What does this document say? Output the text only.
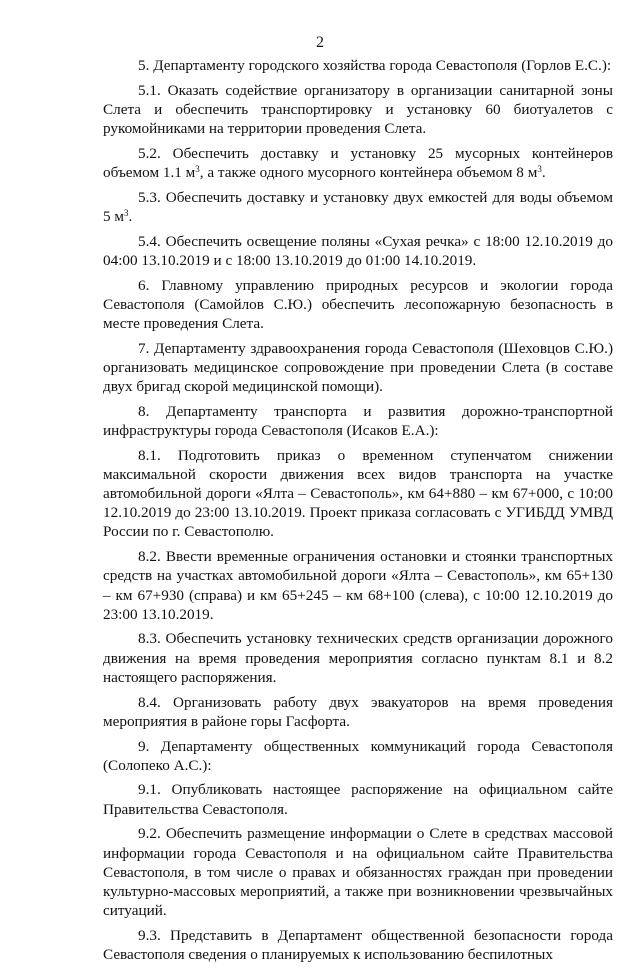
2

5. Департаменту городского хозяйства города Севастополя (Горлов Е.С.):

5.1. Оказать содействие организатору в организации санитарной зоны Слета и обеспечить транспортировку и установку 60 биотуалетов с рукомойниками на территории проведения Слета.

5.2. Обеспечить доставку и установку 25 мусорных контейнеров объемом 1.1 $м^3$, а также одного мусорного контейнера объемом 8 $м^3$.

5.3. Обеспечить доставку и установку двух емкостей для воды объемом 5 $м^3$.

5.4. Обеспечить освещение поляны «Сухая речка» с 18:00 12.10.2019 до 04:00 13.10.2019 и с 18:00 13.10.2019 до 01:00 14.10.2019.

6. Главному управлению природных ресурсов и экологии города Севастополя (Самойлов С.Ю.) обеспечить лесопожарную безопасность в месте проведения Слета.

7. Департаменту здравоохранения города Севастополя (Шеховцов С.Ю.) организовать медицинское сопровождение при проведении Слета (в составе двух бригад скорой медицинской помощи).

8. Департаменту транспорта и развития дорожно-транспортной инфраструктуры города Севастополя (Исаков Е.А.):

8.1. Подготовить приказ о временном ступенчатом снижении максимальной скорости движения всех видов транспорта на участке автомобильной дороги «Ялта – Севастополь», км 64+880 – км 67+000, с 10:00 12.10.2019 до 23:00 13.10.2019. Проект приказа согласовать с УГИБДД УМВД России по г. Севастополю.

8.2. Ввести временные ограничения остановки и стоянки транспортных средств на участках автомобильной дороги «Ялта – Севастополь», км 65+130 – км 67+930 (справа) и км 65+245 – км 68+100 (слева), с 10:00 12.10.2019 до 23:00 13.10.2019.

8.3. Обеспечить установку технических средств организации дорожного движения на время проведения мероприятия согласно пунктам 8.1 и 8.2 настоящего распоряжения.

8.4. Организовать работу двух эвакуаторов на время проведения мероприятия в районе горы Гасфорта.

9. Департаменту общественных коммуникаций города Севастополя (Солопеко А.С.):

9.1. Опубликовать настоящее распоряжение на официальном сайте Правительства Севастополя.

9.2. Обеспечить размещение информации о Слете в средствах массовой информации города Севастополя и на официальном сайте Правительства Севастополя, в том числе о правах и обязанностях граждан при проведении культурно-массовых мероприятий, а также при возникновении чрезвычайных ситуаций.

9.3. Представить в Департамент общественной безопасности города Севастополя сведения о планируемых к использованию беспилотных
